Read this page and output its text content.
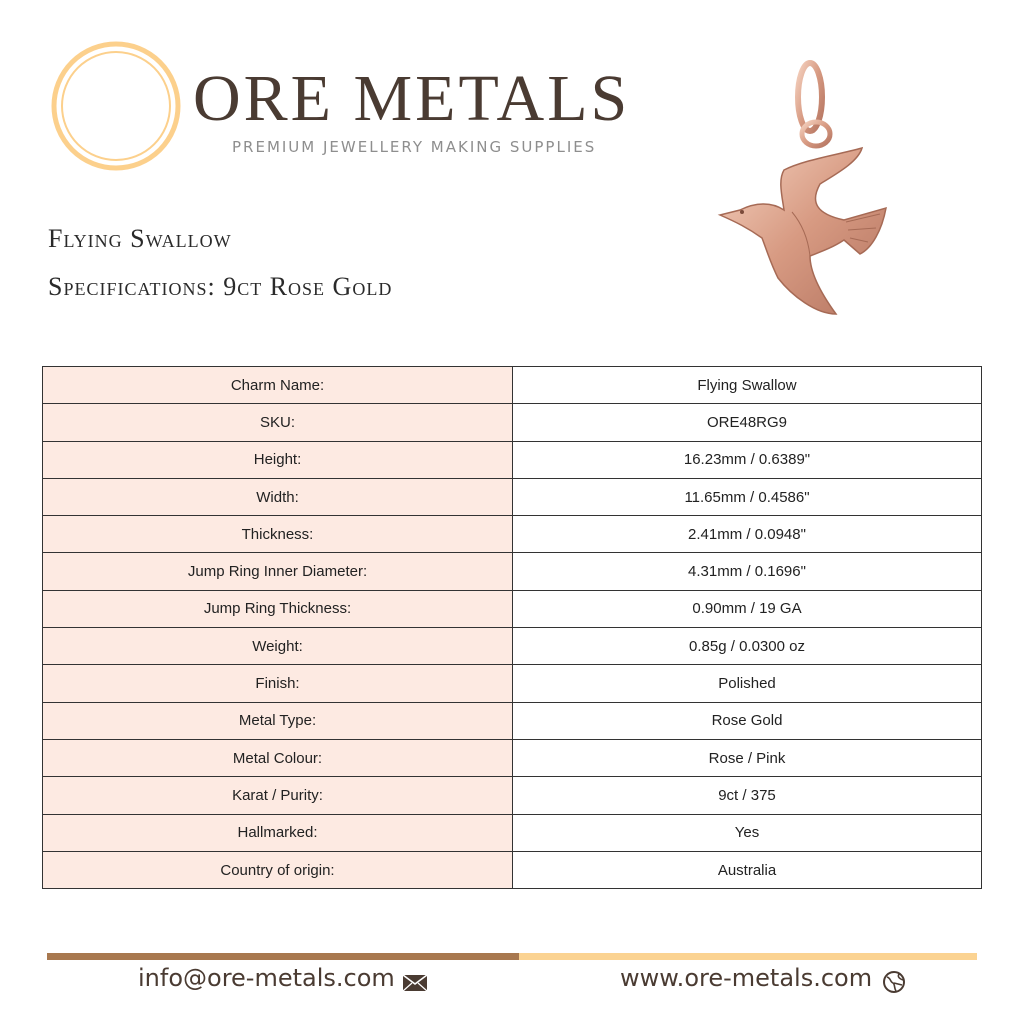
ORE METALS
PREMIUM JEWELLERY MAKING SUPPLIES
Flying Swallow
Specifications: 9ct Rose Gold
Charm Name:	Flying Swallow
SKU:	ORE48RG9
Height:	16.23mm / 0.6389"
Width:	11.65mm / 0.4586"
Thickness:	2.41mm / 0.0948"
Jump Ring Inner Diameter:	4.31mm / 0.1696"
Jump Ring Thickness:	0.90mm / 19 GA
Weight:	0.85g / 0.0300 oz
Finish:	Polished
Metal Type:	Rose Gold
Metal Colour:	Rose / Pink
Karat / Purity:	9ct / 375
Hallmarked:	Yes
Country of origin:	Australia
info@ore-metals.com	www.ore-metals.com
